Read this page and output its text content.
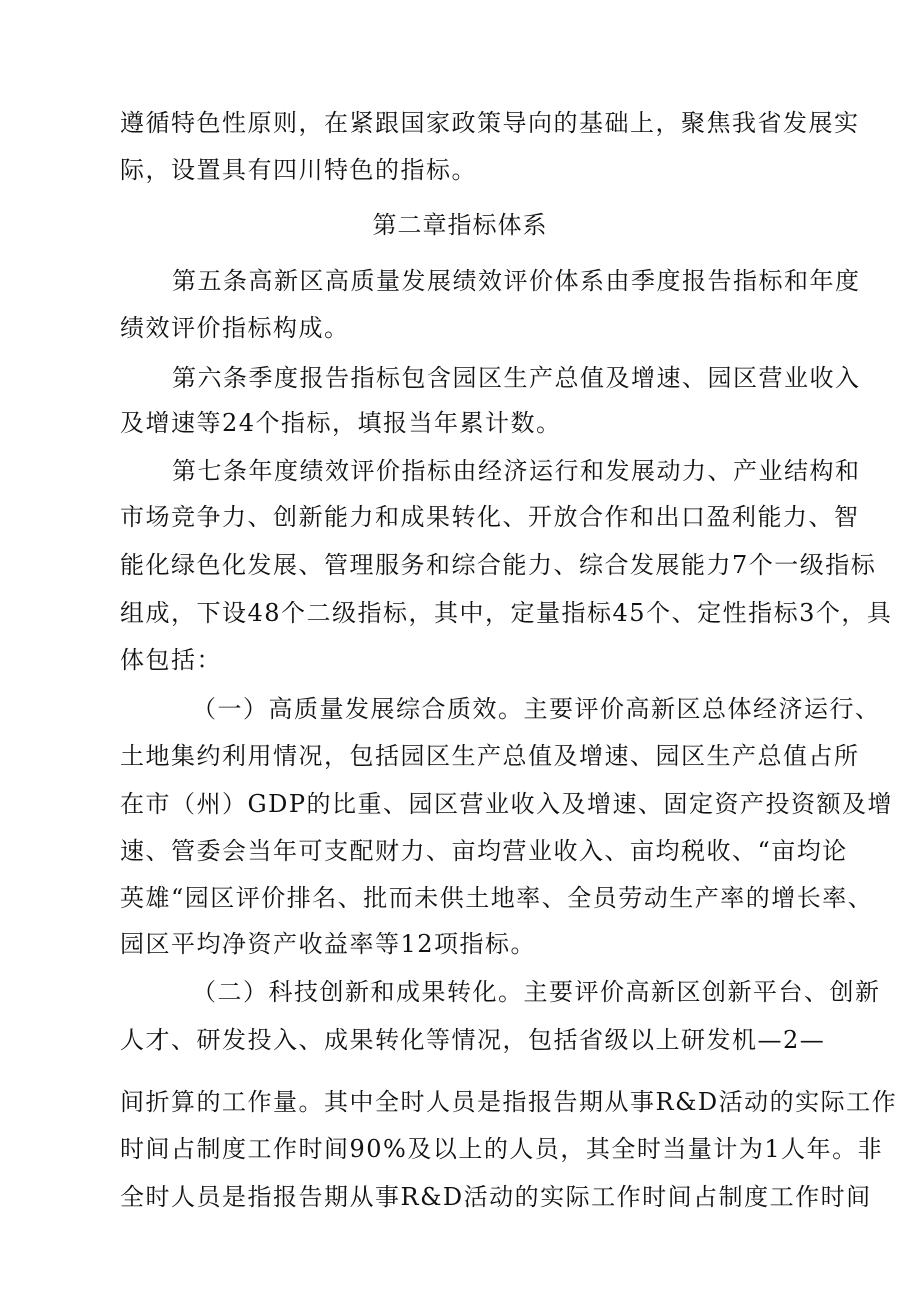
遵循特色性原则，在紧跟国家政策导向的基础上，聚焦我省发展实
际，设置具有四川特色的指标。
第二章指标体系
第五条高新区高质量发展绩效评价体系由季度报告指标和年度
绩效评价指标构成。
第六条季度报告指标包含园区生产总值及增速、园区营业收入
及增速等24个指标，填报当年累计数。
第七条年度绩效评价指标由经济运行和发展动力、产业结构和
市场竞争力、创新能力和成果转化、开放合作和出口盈利能力、智
能化绿色化发展、管理服务和综合能力、综合发展能力7个一级指标
组成，下设48个二级指标，其中，定量指标45个、定性指标3个，具
体包括：
（一）高质量发展综合质效。主要评价高新区总体经济运行、
土地集约利用情况，包括园区生产总值及增速、园区生产总值占所
在市（州）GDP的比重、园区营业收入及增速、固定资产投资额及增
速、管委会当年可支配财力、亩均营业收入、亩均税收、“亩均论
英雄“园区评价排名、批而未供土地率、全员劳动生产率的增长率、
园区平均净资产收益率等12项指标。
（二）科技创新和成果转化。主要评价高新区创新平台、创新
人才、研发投入、成果转化等情况，包括省级以上研发机—2—
间折算的工作量。其中全时人员是指报告期从事R&D活动的实际工作
时间占制度工作时间90%及以上的人员，其全时当量计为1人年。非
全时人员是指报告期从事R&D活动的实际工作时间占制度工作时间
